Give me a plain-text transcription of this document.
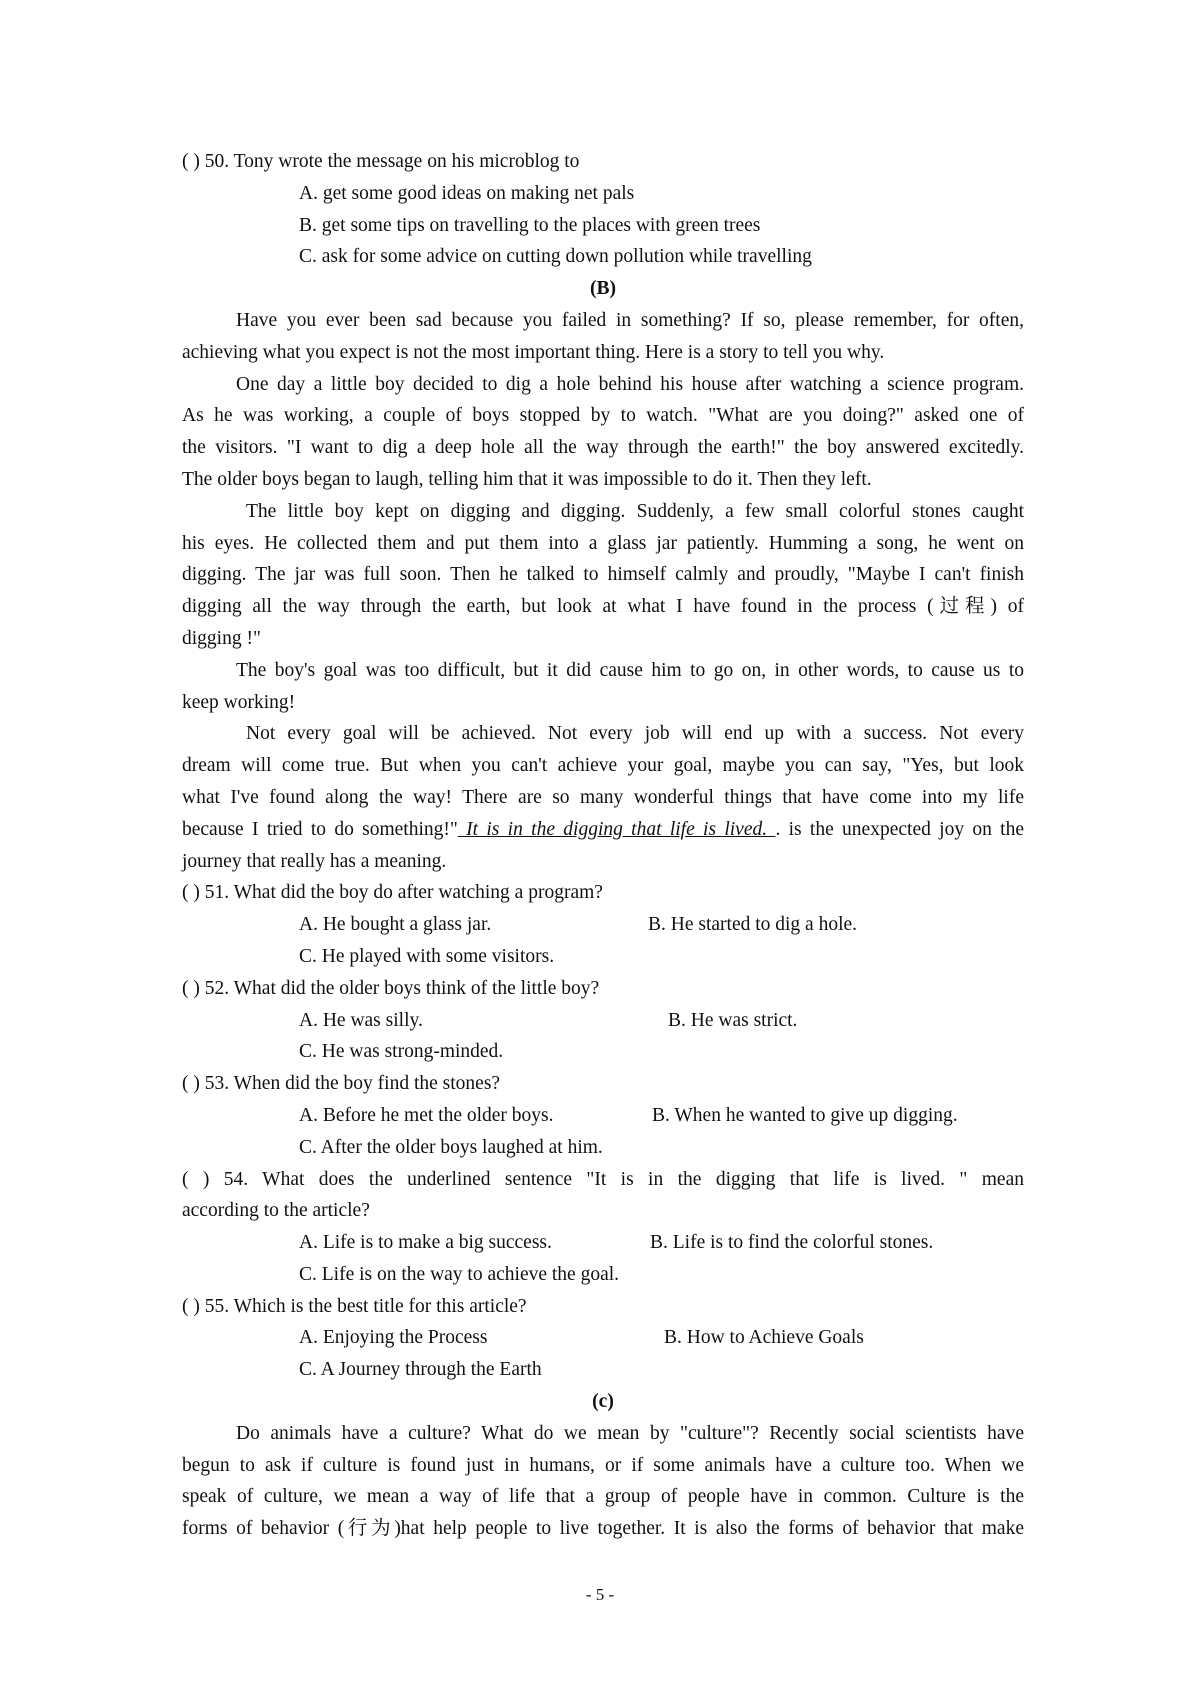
( ) 50. Tony wrote the message on his microblog to
A. get some good ideas on making net pals
B. get some tips on travelling to the places with green trees
C. ask for some advice on cutting down pollution while travelling
(B)
Have you ever been sad because you failed in something? If so, please remember, for often,
achieving what you expect is not the most important thing. Here is a story to tell you why.
One day a little boy decided to dig a hole behind his house after watching a science program.
As he was working, a couple of boys stopped by to watch. "What are you doing?" asked one of
the visitors. "I want to dig a deep hole all the way through the earth!" the boy answered excitedly.
The older boys began to laugh, telling him that it was impossible to do it. Then they left.
The little boy kept on digging and digging. Suddenly, a few small colorful stones caught
his eyes. He collected them and put them into a glass jar patiently. Humming a song, he went on
digging. The jar was full soon. Then he talked to himself calmly and proudly, "Maybe I can't finish
digging all the way through the earth, but look at what I have found in the process (过程) of
digging !"
The boy's goal was too difficult, but it did cause him to go on, in other words, to cause us to
keep working!
Not every goal will be achieved. Not every job will end up with a success. Not every
dream will come true. But when you can't achieve your goal, maybe you can say, "Yes, but look
what I've found along the way! There are so many wonderful things that have come into my life
because I tried to do something!" It is in the digging that life is lived. . is the unexpected joy on the
journey that really has a meaning.
( ) 51. What did the boy do after watching a program?
A. He bought a glass jar.	B. He started to dig a hole.
C. He played with some visitors.
( ) 52. What did the older boys think of the little boy?
A. He was silly.	B. He was strict.
C. He was strong-minded.
( ) 53. When did the boy find the stones?
A. Before he met the older boys.	B. When he wanted to give up digging.
C. After the older boys laughed at him.
( ) 54. What does the underlined sentence "It is in the digging that life is lived. " mean
according to the article?
A. Life is to make a big success.	B. Life is to find the colorful stones.
C. Life is on the way to achieve the goal.
( ) 55. Which is the best title for this article?
A. Enjoying the Process	B. How to Achieve Goals
C. A Journey through the Earth
(c)
Do animals have a culture? What do we mean by "culture"? Recently social scientists have
begun to ask if culture is found just in humans, or if some animals have a culture too. When we
speak of culture, we mean a way of life that a group of people have in common. Culture is the
forms of behavior (行为)hat help people to live together. It is also the forms of behavior that make
- 5 -
